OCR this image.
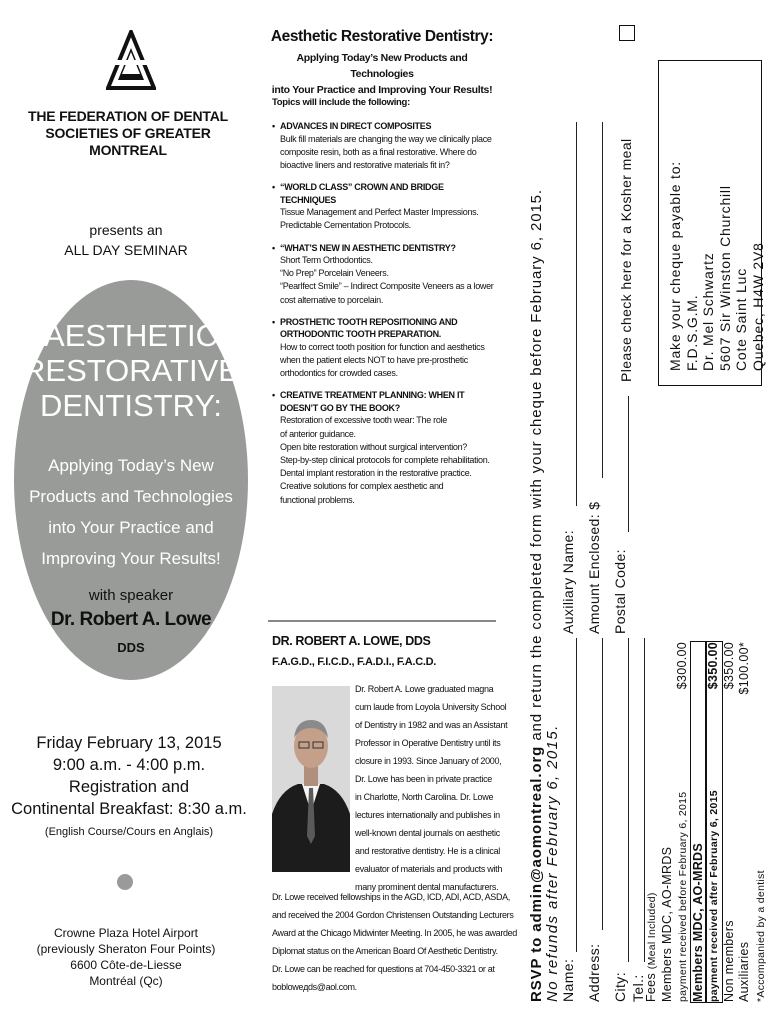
THE FEDERATION OF DENTAL
SOCIETIES OF GREATER MONTREAL
presents an
ALL DAY SEMINAR
AESTHETIC
RESTORATIVE
DENTISTRY:
Applying Today’s New
Products and Technologies
into Your Practice and
Improving Your Results!
with speaker
Dr. Robert A. Lowe
DDS
Friday February 13, 2015
9:00 a.m. - 4:00 p.m.
Registration and
Continental Breakfast: 8:30 a.m.
(English Course/Cours en Anglais)
Crowne Plaza Hotel Airport
(previously Sheraton Four Points)
6600 Côte-de-Liesse
Montréal (Qc)
Aesthetic Restorative Dentistry:
Applying Today’s New Products and Technologies
into Your Practice and Improving Your Results!
Topics will include the following:
• ADVANCES IN DIRECT COMPOSITES
Bulk fill materials are changing the way we clinically place
composite resin, both as a final restorative. Where do
bioactive liners and restorative materials fit in?
• “WORLD CLASS” CROWN AND BRIDGE TECHNIQUES
Tissue Management and Perfect Master Impressions.
Predictable Cementation Protocols.
• “WHAT’S NEW IN AESTHETIC DENTISTRY?
Short Term Orthodontics.
“No Prep” Porcelain Veneers.
“Pearlfect Smile” – Indirect Composite Veneers as a lower
cost alternative to porcelain.
• PROSTHETIC TOOTH REPOSITIONING AND ORTHODONTIC TOOTH PREPARATION.
How to correct tooth position for function and aesthetics
when the patient elects NOT to have pre-prosthetic
orthodontics for crowded cases.
• CREATIVE TREATMENT PLANNING: WHEN IT DOESN’T GO BY THE BOOK?
Restoration of excessive tooth wear: The role
of anterior guidance.
Open bite restoration without surgical intervention?
Step-by-step clinical protocols for complete rehabilitation.
Dental implant restoration in the restorative practice.
Creative solutions for complex aesthetic and
functional problems.
DR. ROBERT A. LOWE, DDS
F.A.G.D., F.I.C.D., F.A.D.I., F.A.C.D.
Dr. Robert A. Lowe graduated magna
cum laude from Loyola University School
of Dentistry in 1982 and was an Assistant
Professor in Operative Dentistry until its
closure in 1993. Since January of 2000,
Dr. Lowe has been in private practice
in Charlotte, North Carolina. Dr. Lowe
lectures internationally and publishes in
well-known dental journals on aesthetic
and restorative dentistry. He is a clinical
evaluator of materials and products with
many prominent dental manufacturers.
Dr. Lowe received fellowships in the AGD, ICD, ADI, ACD, ASDA,
and received the 2004 Gordon Christensen Outstanding Lecturers
Award at the Chicago Midwinter Meeting. In 2005, he was awarded
Diplomat status on the American Board Of Aesthetic Dentistry.
Dr. Lowe can be reached for questions at 704-450-3321 or at
bobloweдds@aol.com.	RSVP to admin@aomontreal.org and return the completed form with your cheque before February 6, 2015.
No refunds after February 6, 2015. Name:
Auxiliary Name:
Address:
Amount Enclosed: $
City:
Postal Code:
Please check here for a Kosher meal
Tel.:
Fees (Meal Included) Members MDC, AO-MRDS payment received before February 6, 2015
$300.00
Members MDC, AO-MRDS payment received after February 6, 2015
$350.00
Non members
$350.00
Auxiliaries
$100.00*
*Accompanied by a dentist
Make your cheque payable to: F.D.S.G.M. Dr. Mel Schwartz 5607 Sir Winston Churchill Cote Saint Luc Quebec, H4W 2V8
